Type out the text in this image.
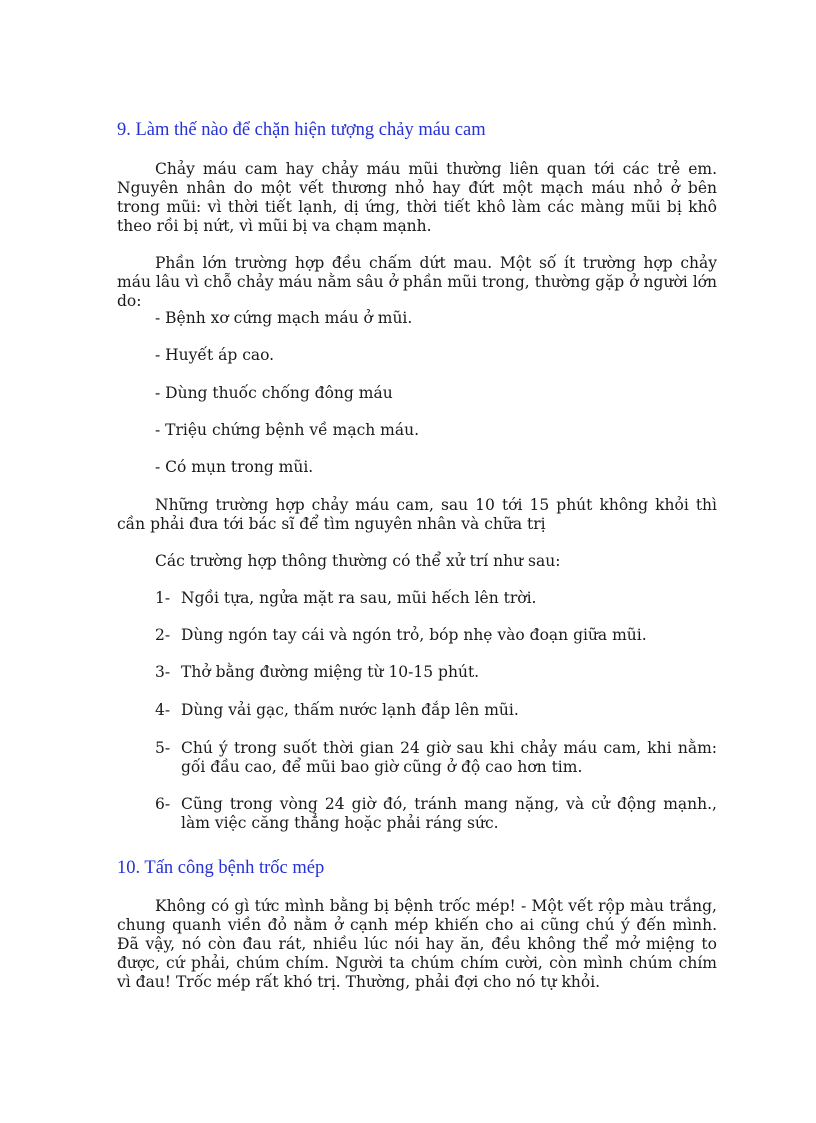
9. Làm thế nào để chặn hiện tượng chảy máu cam

Chảy máu cam hay chảy máu mũi thường liên quan tới các trẻ em. Nguyên nhân do một vết thương nhỏ hay đứt một mạch máu nhỏ ở bên trong mũi: vì thời tiết lạnh, dị ứng, thời tiết khô làm các màng mũi bị khô theo rồi bị nứt, vì mũi bị va chạm mạnh.

Phần lớn trường hợp đều chấm dứt mau. Một số ít trường hợp chảy máu lâu vì chỗ chảy máu nằm sâu ở phần mũi trong, thường gặp ở người lớn do:

- Bệnh xơ cứng mạch máu ở mũi.

- Huyết áp cao.

- Dùng thuốc chống đông máu

- Triệu chứng bệnh về mạch máu.

- Có mụn trong mũi.

Những trường hợp chảy máu cam, sau 10 tới 15 phút không khỏi thì cần phải đưa tới bác sĩ để tìm nguyên nhân và chữa trị

Các trường hợp thông thường có thể xử trí như sau:

1- Ngồi tựa, ngửa mặt ra sau, mũi hếch lên trời.
2- Dùng ngón tay cái và ngón trỏ, bóp nhẹ vào đoạn giữa mũi.
3- Thở bằng đường miệng từ 10-15 phút.
4- Dùng vải gạc, thấm nước lạnh đắp lên mũi.
5- Chú ý trong suốt thời gian 24 giờ sau khi chảy máu cam, khi nằm: gối đầu cao, để mũi bao giờ cũng ở độ cao hơn tim.
6- Cũng trong vòng 24 giờ đó, tránh mang nặng, và cử động mạnh., làm việc căng thẳng hoặc phải ráng sức.
10. Tấn công bệnh trốc mép

Không có gì tức mình bằng bị bệnh trốc mép! - Một vết rộp màu trắng, chung quanh viền đỏ nằm ở cạnh mép khiến cho ai cũng chú ý đến mình. Đã vậy, nó còn đau rát, nhiều lúc nói hay ăn, đều không thể mở miệng to được, cứ phải, chúm chím. Người ta chúm chím cười, còn mình chúm chím vì đau! Trốc mép rất khó trị. Thường, phải đợi cho nó tự khỏi.
